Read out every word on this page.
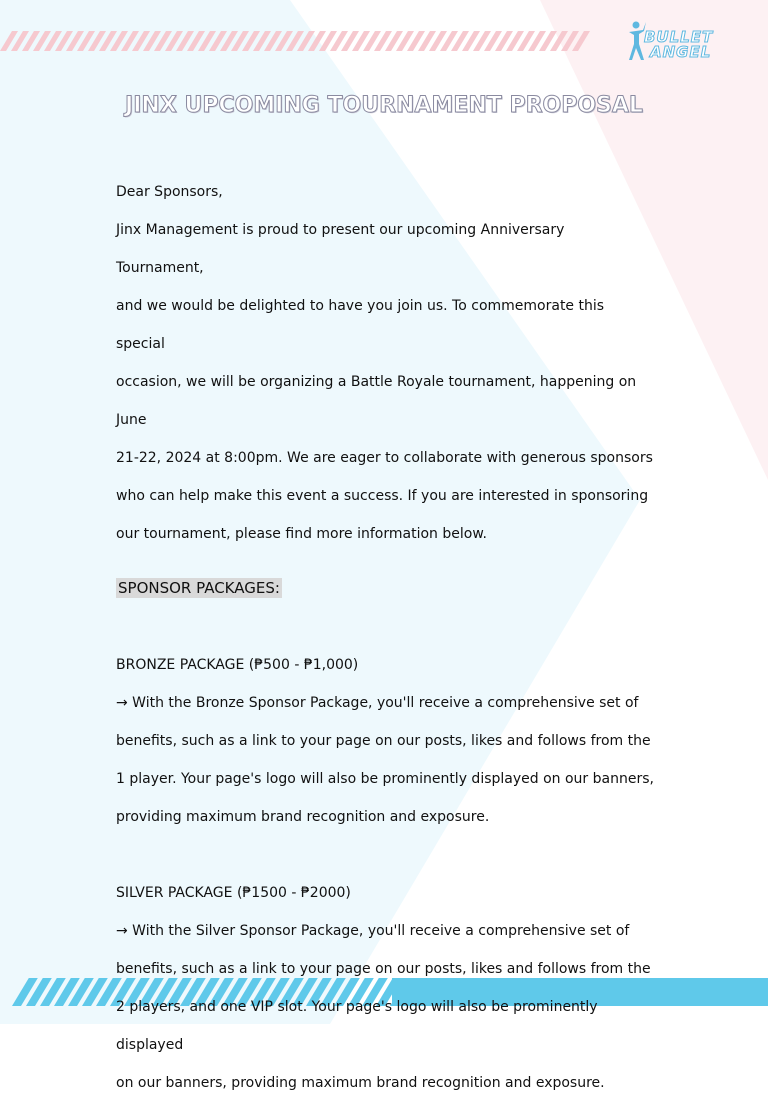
BULLET
ANGEL
JINX UPCOMING TOURNAMENT PROPOSAL

Dear Sponsors,

Jinx Management is proud to present our upcoming Anniversary Tournament,

and we would be delighted to have you join us. To commemorate this special

occasion, we will be organizing a Battle Royale tournament, happening on June

21-22, 2024 at 8:00pm. We are eager to collaborate with generous sponsors

who can help make this event a success. If you are interested in sponsoring

our tournament, please find more information below.

SPONSOR PACKAGES:

BRONZE PACKAGE (₱500 - ₱1,000)

→ With the Bronze Sponsor Package, you'll receive a comprehensive set of

benefits, such as a link to your page on our posts, likes and follows from the

1 player. Your page's logo will also be prominently displayed on our banners,

providing maximum brand recognition and exposure.

SILVER PACKAGE (₱1500 - ₱2000)

→ With the Silver Sponsor Package, you'll receive a comprehensive set of

benefits, such as a link to your page on our posts, likes and follows from the

2 players, and one VIP slot. Your page's logo will also be prominently displayed

on our banners, providing maximum brand recognition and exposure.
